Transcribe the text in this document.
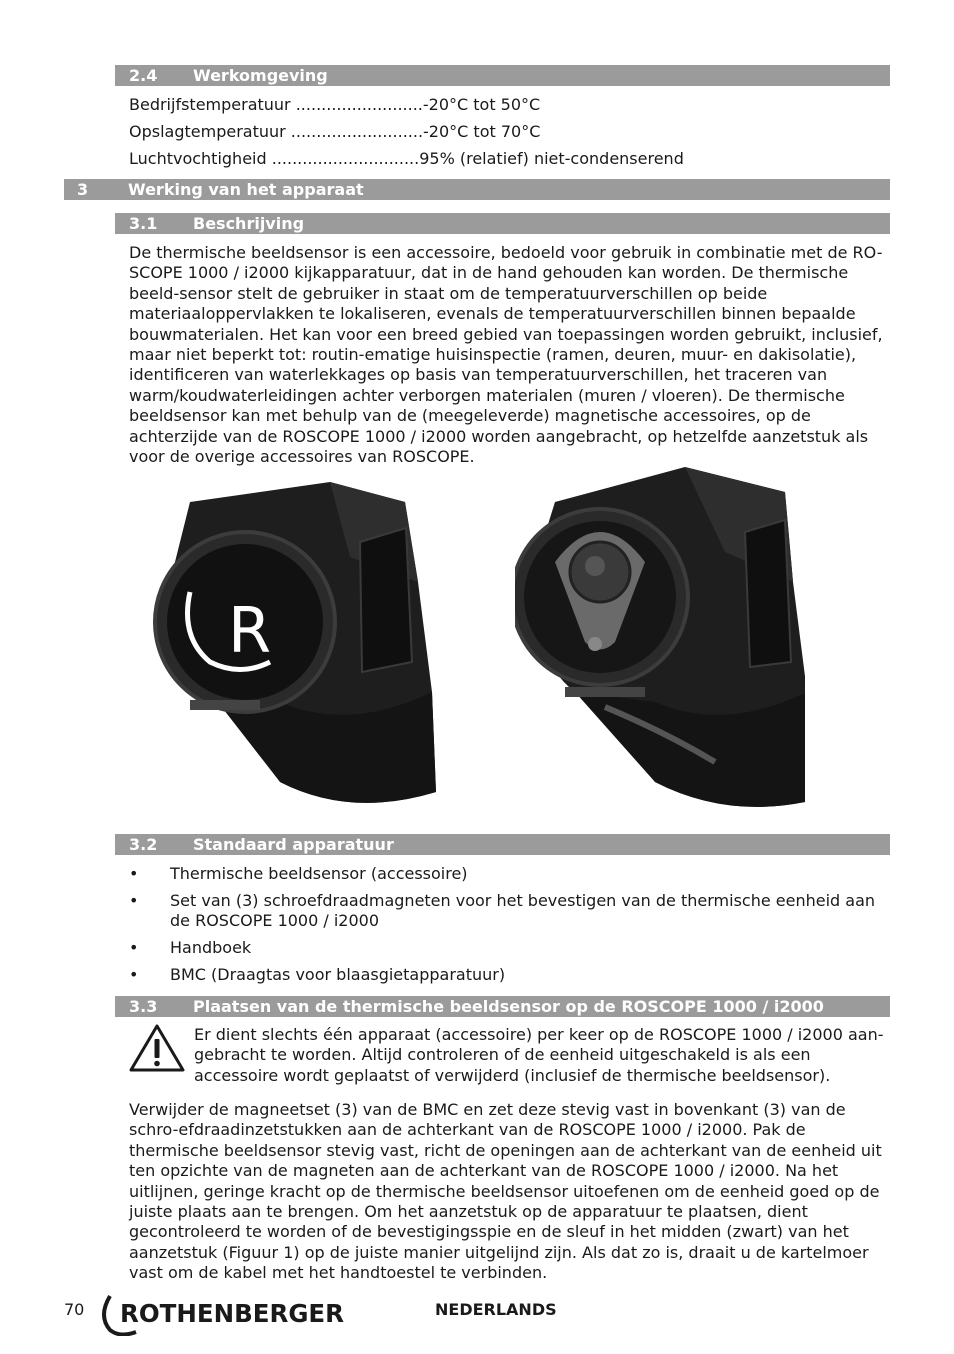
2.4 Werkomgeving
Bedrijfstemperatuur .........................-20°C tot 50°C
Opslagtemperatuur ..........................-20°C tot 70°C
Luchtvochtigheid .............................95% (relatief) niet-condenserend
3 Werking van het apparaat
3.1 Beschrijving

De thermische beeldsensor is een accessoire, bedoeld voor gebruik in combinatie met de RO-SCOPE 1000 / i2000 kijkapparatuur, dat in de hand gehouden kan worden. De thermische beeld-sensor stelt de gebruiker in staat om de temperatuurverschillen op beide materiaaloppervlakken te lokaliseren, evenals de temperatuurverschillen binnen bepaalde bouwmaterialen. Het kan voor een breed gebied van toepassingen worden gebruikt, inclusief, maar niet beperkt tot: routin-ematige huisinspectie (ramen, deuren, muur- en dakisolatie), identificeren van waterlekkages op basis van temperatuurverschillen, het traceren van warm/koudwaterleidingen achter verborgen materialen (muren / vloeren). De thermische beeldsensor kan met behulp van de (meegeleverde) magnetische accessoires, op de achterzijde van de ROSCOPE 1000 / i2000 worden aangebracht, op hetzelfde aanzetstuk als voor de overige accessoires van ROSCOPE.

R
3.2 Standaard apparatuur
• Thermische beeldsensor (accessoire)
• Set van (3) schroefdraadmagneten voor het bevestigen van de thermische eenheid aan de ROSCOPE 1000 / i2000
• Handboek
• BMC (Draagtas voor blaasgietapparatuur)
3.3 Plaatsen van de thermische beeldsensor op de ROSCOPE 1000 / i2000

Er dient slechts één apparaat (accessoire) per keer op de ROSCOPE 1000 / i2000 aan-gebracht te worden. Altijd controleren of de eenheid uitgeschakeld is als een accessoire wordt geplaatst of verwijderd (inclusief de thermische beeldsensor).

Verwijder de magneetset (3) van de BMC en zet deze stevig vast in bovenkant (3) van de schro-efdraadinzetstukken aan de achterkant van de ROSCOPE 1000 / i2000. Pak de thermische beeldsensor stevig vast, richt de openingen aan de achterkant van de eenheid uit ten opzichte van de magneten aan de achterkant van de ROSCOPE 1000 / i2000. Na het uitlijnen, geringe kracht op de thermische beeldsensor uitoefenen om de eenheid goed op de juiste plaats aan te brengen. Om het aanzetstuk op de apparatuur te plaatsen, dient gecontroleerd te worden of de bevestigingsspie en de sleuf in het midden (zwart) van het aanzetstuk (Figuur 1) op de juiste manier uitgelijnd zijn. Als dat zo is, draait u de kartelmoer vast om de kabel met het handtoestel te verbinden.

70 ROTHENBERGER	NEDERLANDS
